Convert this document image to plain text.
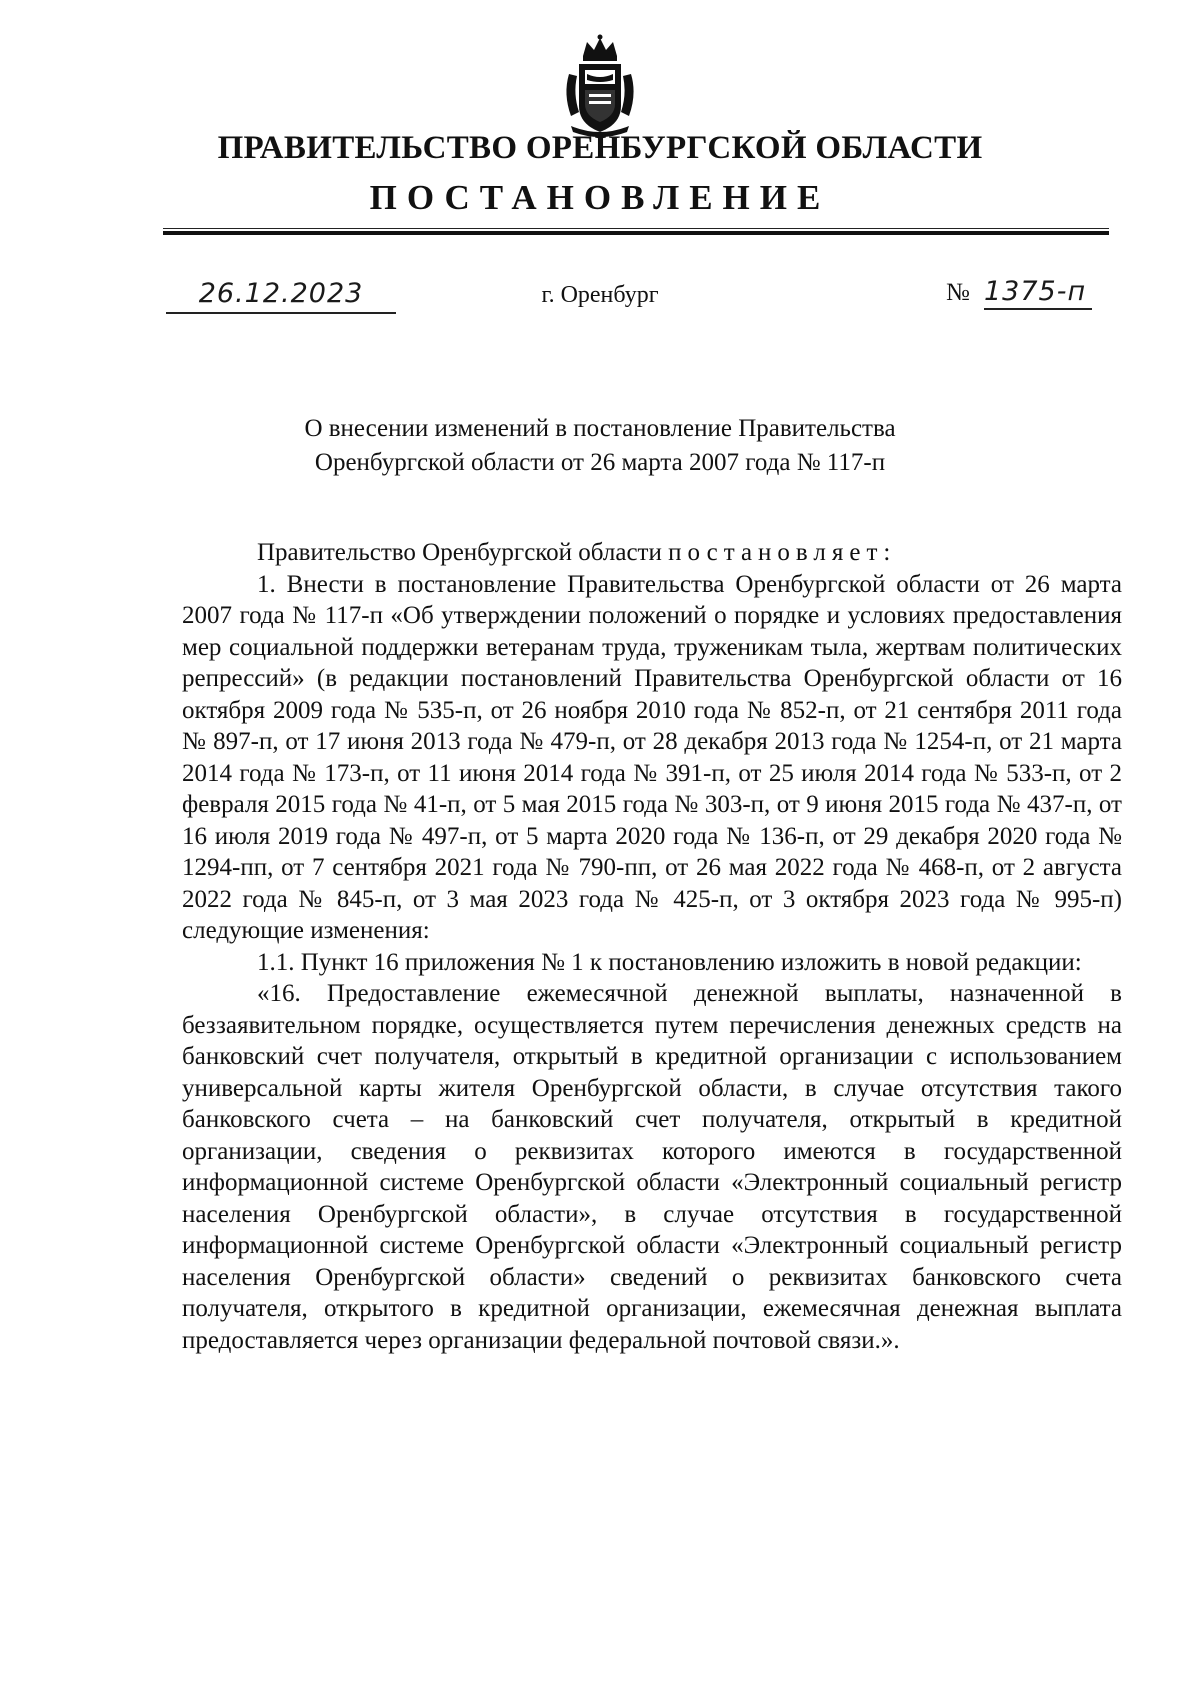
ПРАВИТЕЛЬСТВО ОРЕНБУРГСКОЙ ОБЛАСТИ
ПОСТАНОВЛЕНИЕ
26.12.2023	г. Оренбург	№ 1375-п
О внесении изменений в постановление Правительства
Оренбургской области от 26 марта 2007 года № 117-п

Правительство Оренбургской области постановляет:

1. Внести в постановление Правительства Оренбургской области от 26 марта 2007 года № 117-п «Об утверждении положений о порядке и условиях предоставления мер социальной поддержки ветеранам труда, труженикам тыла, жертвам политических репрессий» (в редакции постановлений Правительства Оренбургской области от 16 октября 2009 года № 535-п, от 26 ноября 2010 года № 852-п, от 21 сентября 2011 года № 897-п, от 17 июня 2013 года № 479-п, от 28 декабря 2013 года № 1254-п, от 21 марта 2014 года № 173-п, от 11 июня 2014 года № 391-п, от 25 июля 2014 года № 533-п, от 2 февраля 2015 года № 41-п, от 5 мая 2015 года № 303-п, от 9 июня 2015 года № 437-п, от 16 июля 2019 года № 497-п, от 5 марта 2020 года № 136-п, от 29 декабря 2020 года № 1294-пп, от 7 сентября 2021 года № 790-пп, от 26 мая 2022 года № 468-п, от 2 августа 2022 года № 845-п, от 3 мая 2023 года № 425-п, от 3 октября 2023 года № 995-п) следующие изменения:

1.1. Пункт 16 приложения № 1 к постановлению изложить в новой редакции:

«16. Предоставление ежемесячной денежной выплаты, назначенной в беззаявительном порядке, осуществляется путем перечисления денежных средств на банковский счет получателя, открытый в кредитной организации с использованием универсальной карты жителя Оренбургской области, в случае отсутствия такого банковского счета – на банковский счет получателя, открытый в кредитной организации, сведения о реквизитах которого имеются в государственной информационной системе Оренбургской области «Электронный социальный регистр населения Оренбургской области», в случае отсутствия в государственной информационной системе Оренбургской области «Электронный социальный регистр населения Оренбургской области» сведений о реквизитах банковского счета получателя, открытого в кредитной организации, ежемесячная денежная выплата предоставляется через организации федеральной почтовой связи.».
